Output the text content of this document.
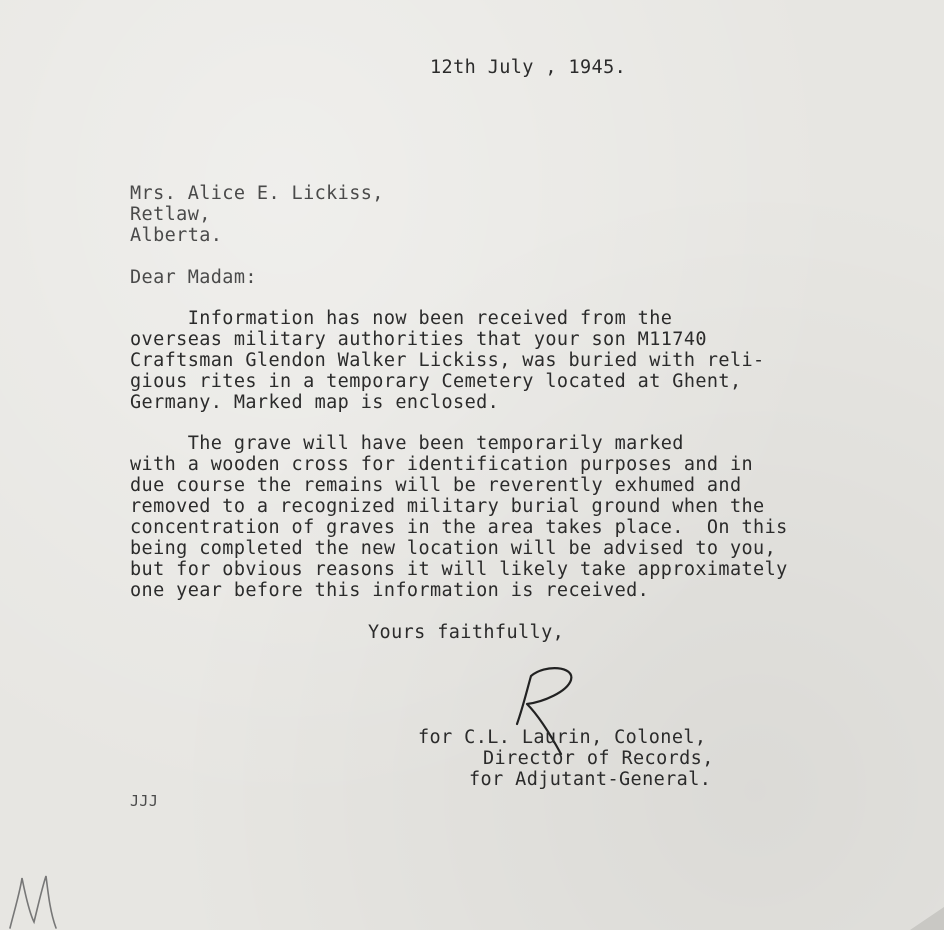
12th July , 1945.
Mrs. Alice E. Lickiss,
Retlaw,
Alberta.
Dear Madam:
Information has now been received from the
overseas military authorities that your son M11740
Craftsman Glendon Walker Lickiss, was buried with reli-
gious rites in a temporary Cemetery located at Ghent,
Germany. Marked map is enclosed.
The grave will have been temporarily marked
with a wooden cross for identification purposes and in
due course the remains will be reverently exhumed and
removed to a recognized military burial ground when the
concentration of graves in the area takes place.  On this
being completed the new location will be advised to you,
but for obvious reasons it will likely take approximately
one year before this information is received.
Yours faithfully,
for C.L. Laurin, Colonel,
Director of Records,
for Adjutant-General.
JJJ
